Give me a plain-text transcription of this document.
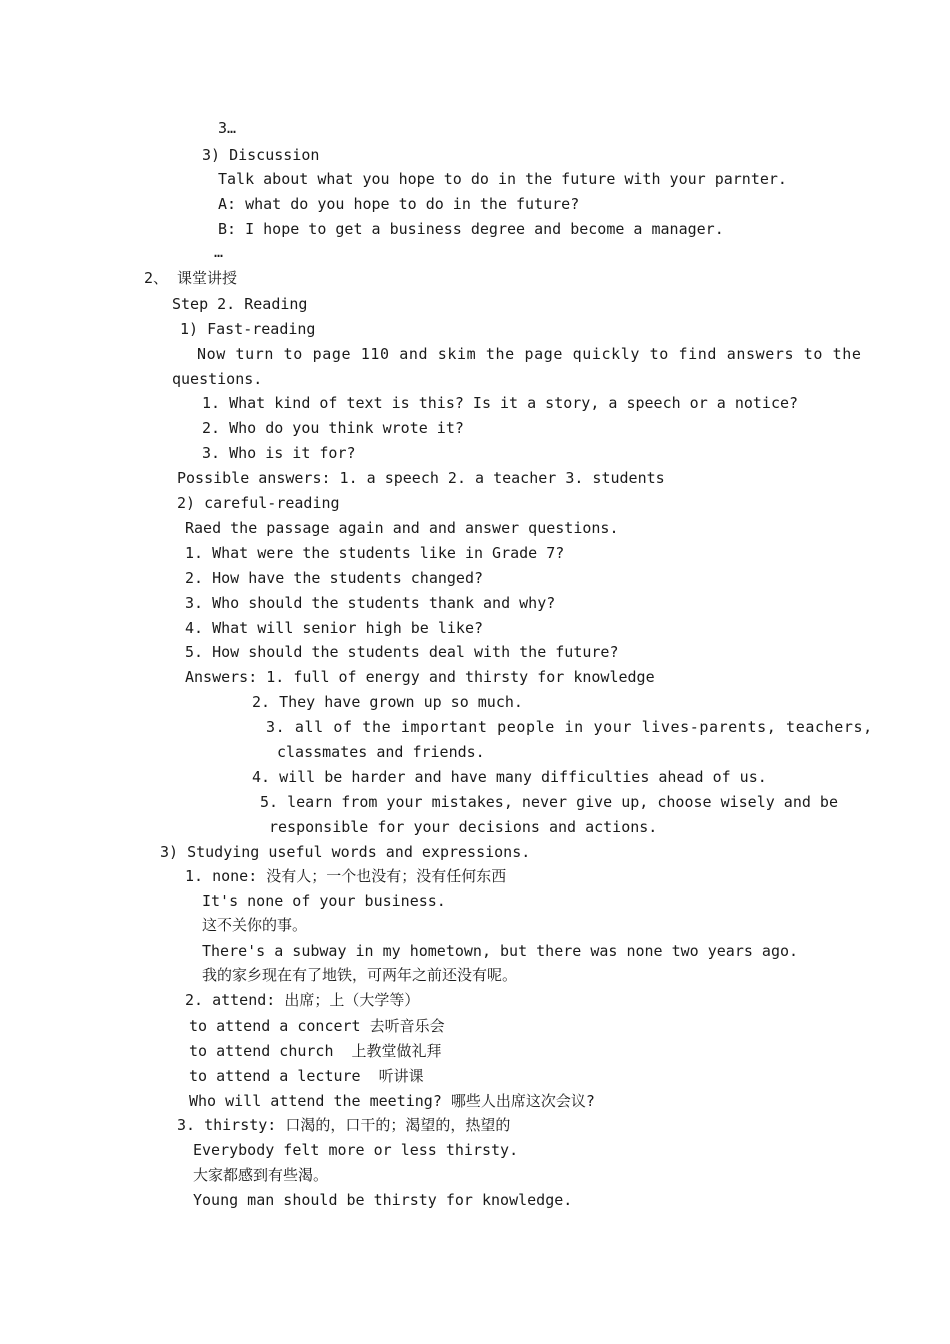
3…
3) Discussion
Talk about what you hope to do in the future with your parnter.
A: what do you hope to do in the future?
B: I hope to get a business degree and become a manager.
…
2、 课堂讲授
Step 2. Reading
1) Fast-reading
Now turn to page 110 and skim the page quickly to find answers to the
questions.
1. What kind of text is this? Is it a story, a speech or a notice?
2. Who do you think wrote it?
3. Who is it for?
Possible answers: 1. a speech 2. a teacher 3. students
2) careful-reading
Raed the passage again and and answer questions.
1. What were the students like in Grade 7?
2. How have the students changed?
3. Who should the students thank and why?
4. What will senior high be like?
5. How should the students deal with the future?
Answers: 1. full of energy and thirsty for knowledge
2. They have grown up so much.
3. all of the important people in your lives-parents, teachers,
classmates and friends.
4. will be harder and have many difficulties ahead of us.
5. learn from your mistakes, never give up, choose wisely and be
responsible for your decisions and actions.
3) Studying useful words and expressions.
1. none: 没有人；一个也没有；没有任何东西
It's none of your business.
这不关你的事。
There's a subway in my hometown, but there was none two years ago.
我的家乡现在有了地铁，可两年之前还没有呢。
2. attend: 出席；上（大学等）
to attend a concert 去听音乐会
to attend church  上教堂做礼拜
to attend a lecture  听讲课
Who will attend the meeting? 哪些人出席这次会议?
3. thirsty: 口渴的，口干的；渴望的，热望的
Everybody felt more or less thirsty.
大家都感到有些渴。
Young man should be thirsty for knowledge.
